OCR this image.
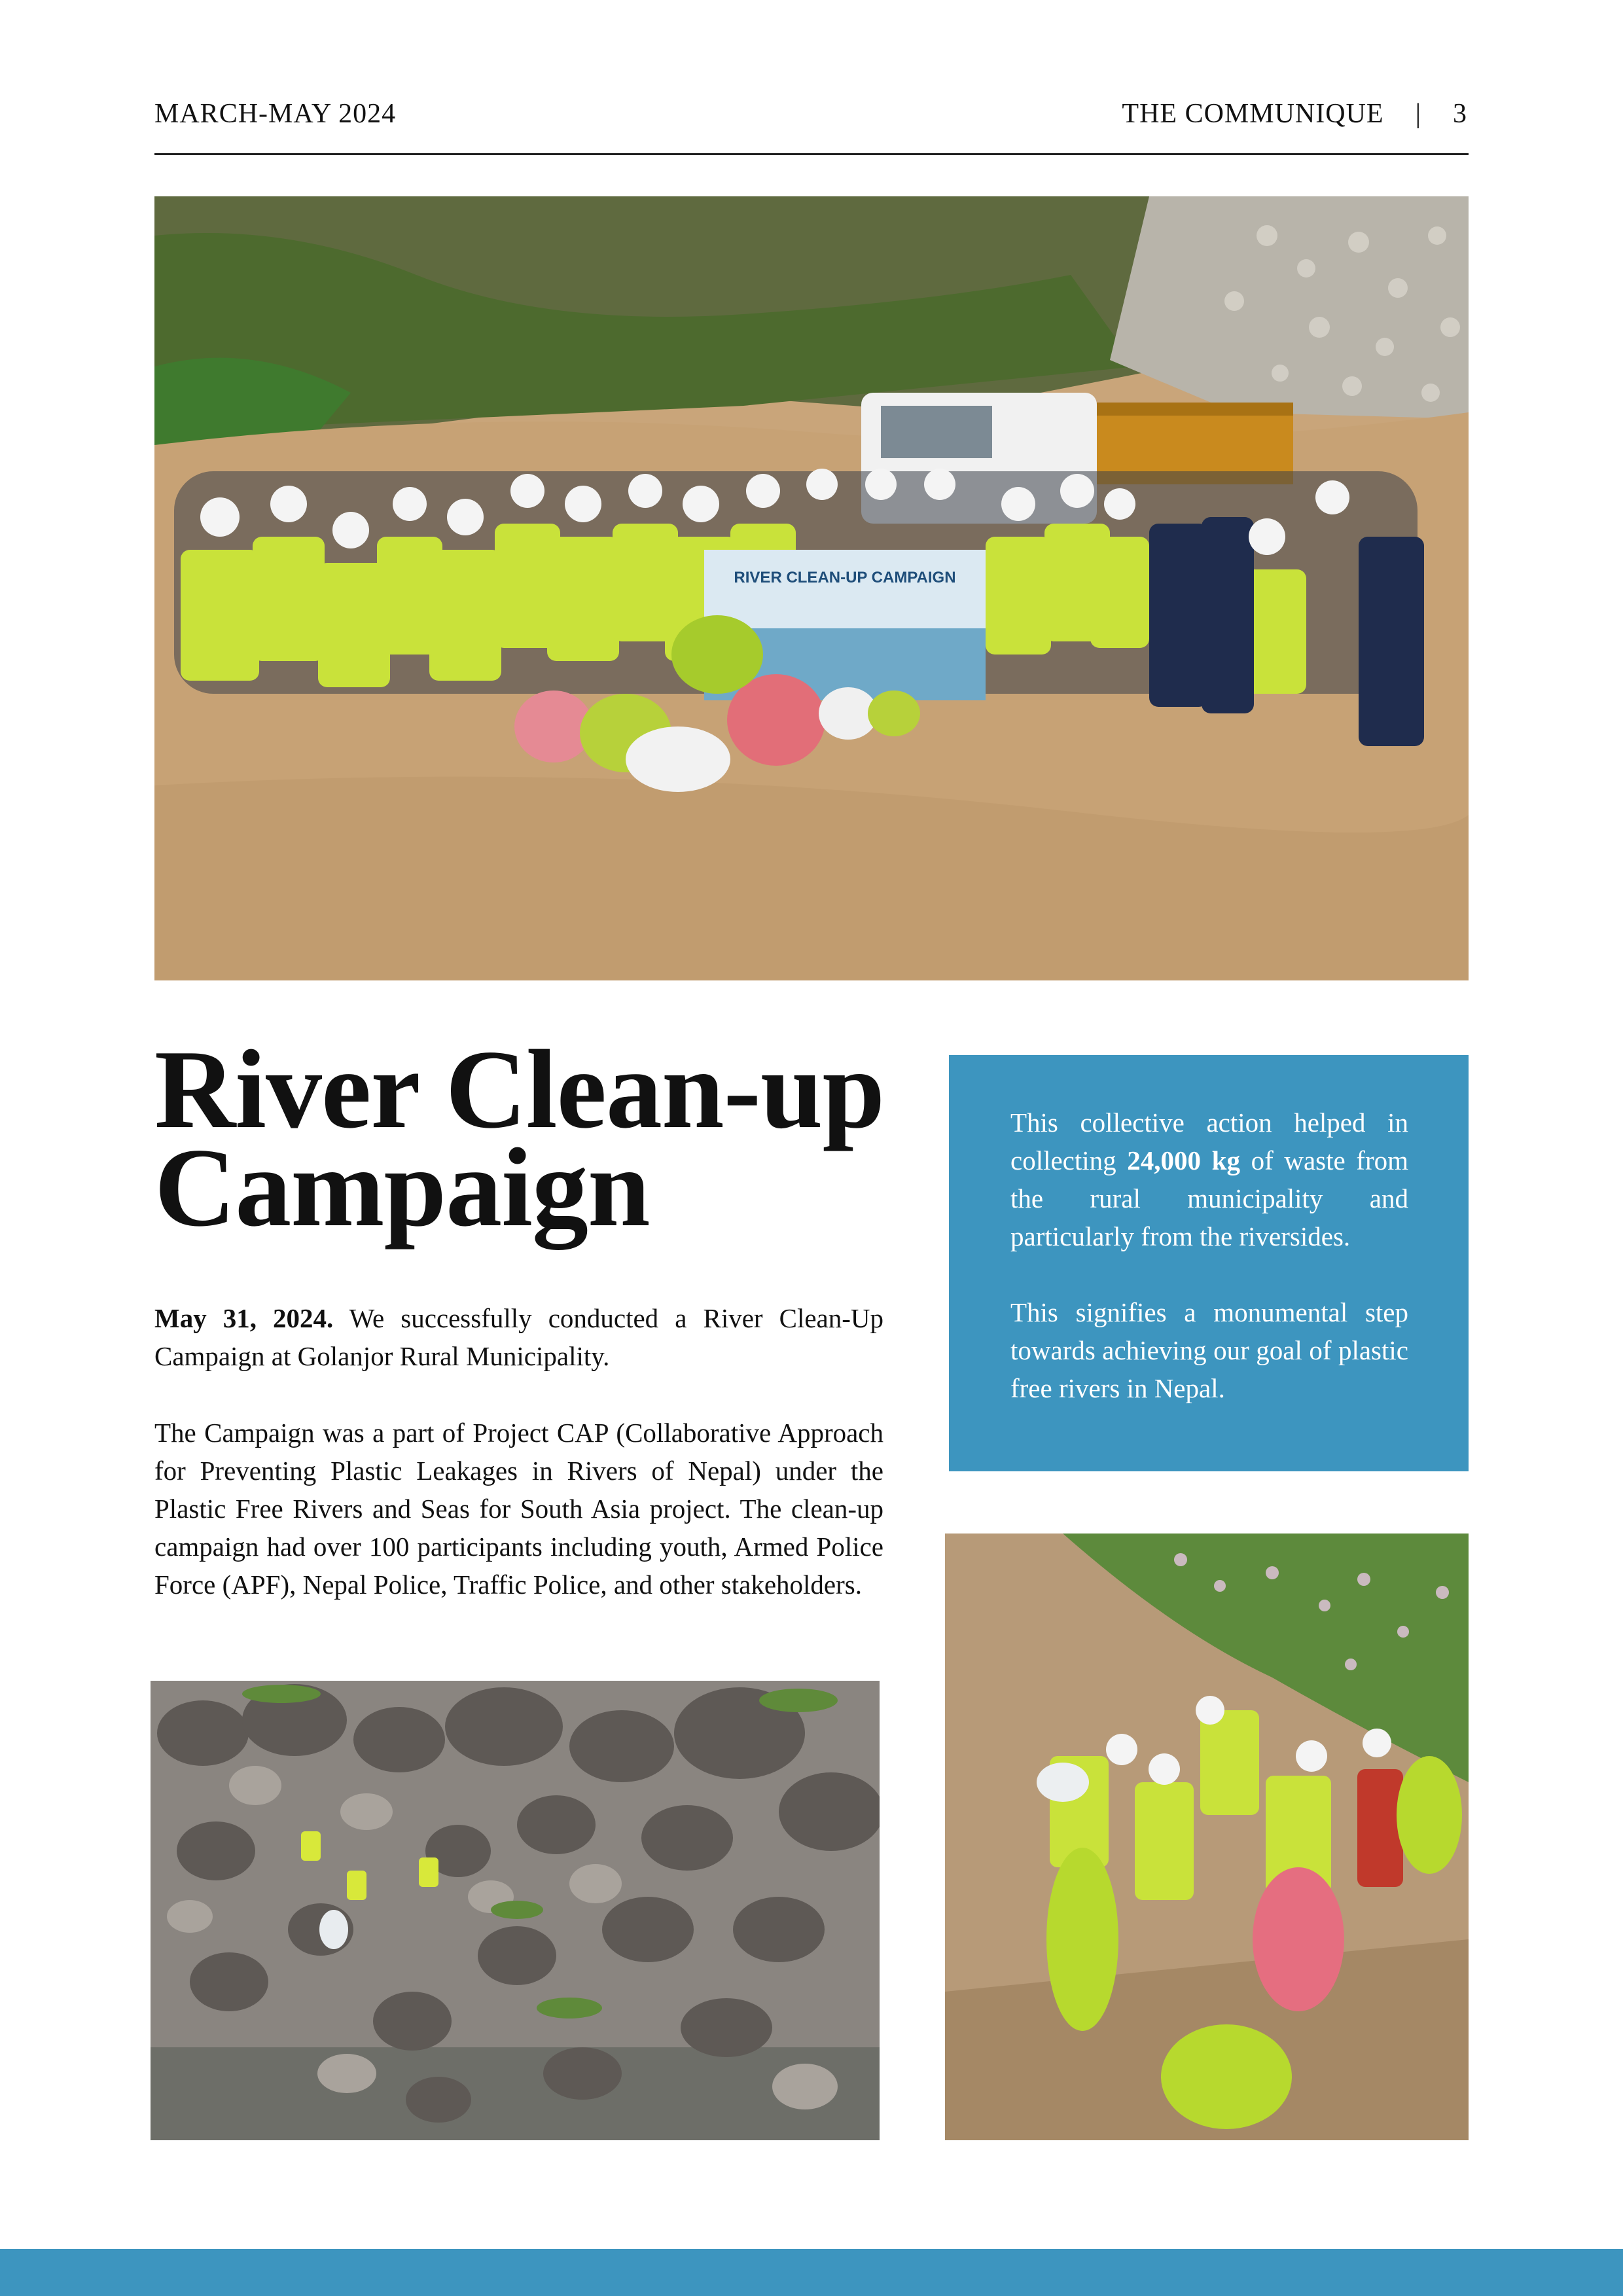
MARCH-MAY 2024	THE COMMUNIQUE | 3
RIVER CLEAN-UP CAMPAIGN
River Clean-up
Campaign
May 31, 2024. We successfully conducted a River Clean-Up Campaign at Golanjor Rural Municipality.
The Campaign was a part of Project CAP (Collaborative Approach for Preventing Plastic Leakages in Rivers of Nepal) under the Plastic Free Rivers and Seas for South Asia project. The clean-up campaign had over 100 participants including youth, Armed Police Force (APF), Nepal Police, Traffic Police, and other stakeholders.

This collective action helped in collecting 24,000 kg of waste from the rural municipality and particularly from the riversides.

This signifies a monumental step towards achieving our goal of plastic free rivers in Nepal.
